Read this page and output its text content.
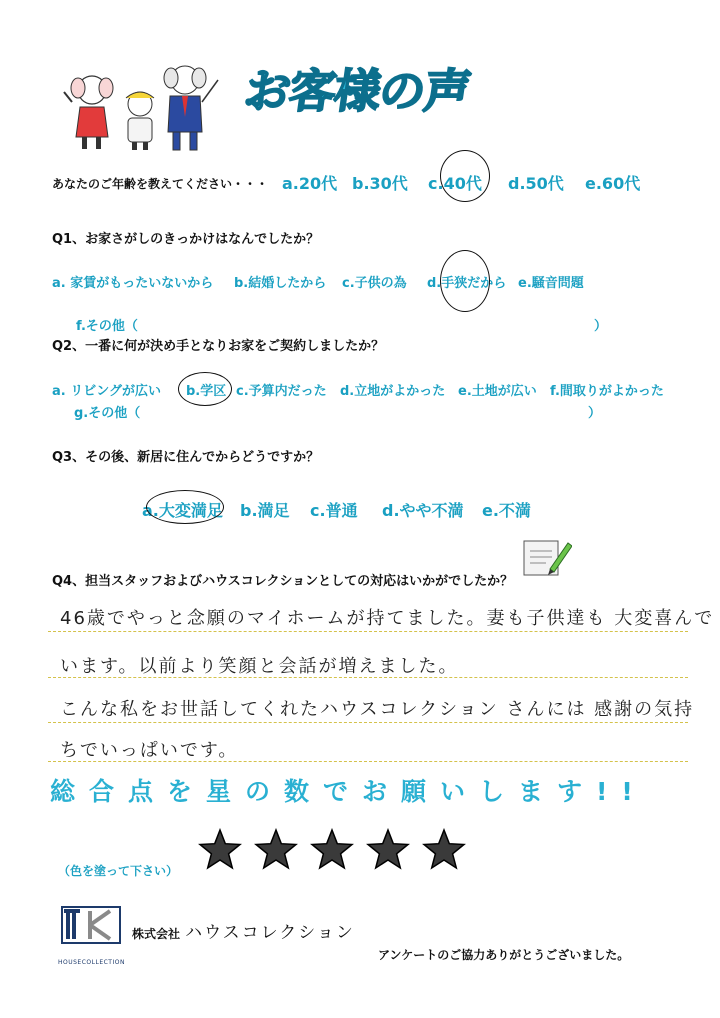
お客様の声
あなたのご年齢を教えてください・・・ a.20代 b.30代 c.40代 d.50代 e.60代
Q1、お家さがしのきっかけはなんでしたか？
a. 家賃がもったいないから b.結婚したから c.子供の為 d.手狭だから e.騒音問題
f.その他（	）
Q2、一番に何が決め手となりお家をご契約しましたか？
a. リビングが広い b.学区 c.予算内だった d.立地がよかった e.土地が広い f.間取りがよかった
g.その他（	）
Q3、その後、新居に住んでからどうですか？
a.大変満足 b.満足 c.普通 d.やや不満 e.不満
Q4、担当スタッフおよびハウスコレクションとしての対応はいかがでしたか？
46歳でやっと念願のマイホームが持てました。妻も子供達も 大変喜んで
います。以前より笑顔と会話が増えました。
こんな私をお世話してくれたハウスコレクション さんには 感謝の気持
ちでいっぱいです。
総合点を星の数でお願いします!!
（色を塗って下さい）
HOUSECOLLECTION
株式会社 ハウスコレクション
アンケートのご協力ありがとうございました。
